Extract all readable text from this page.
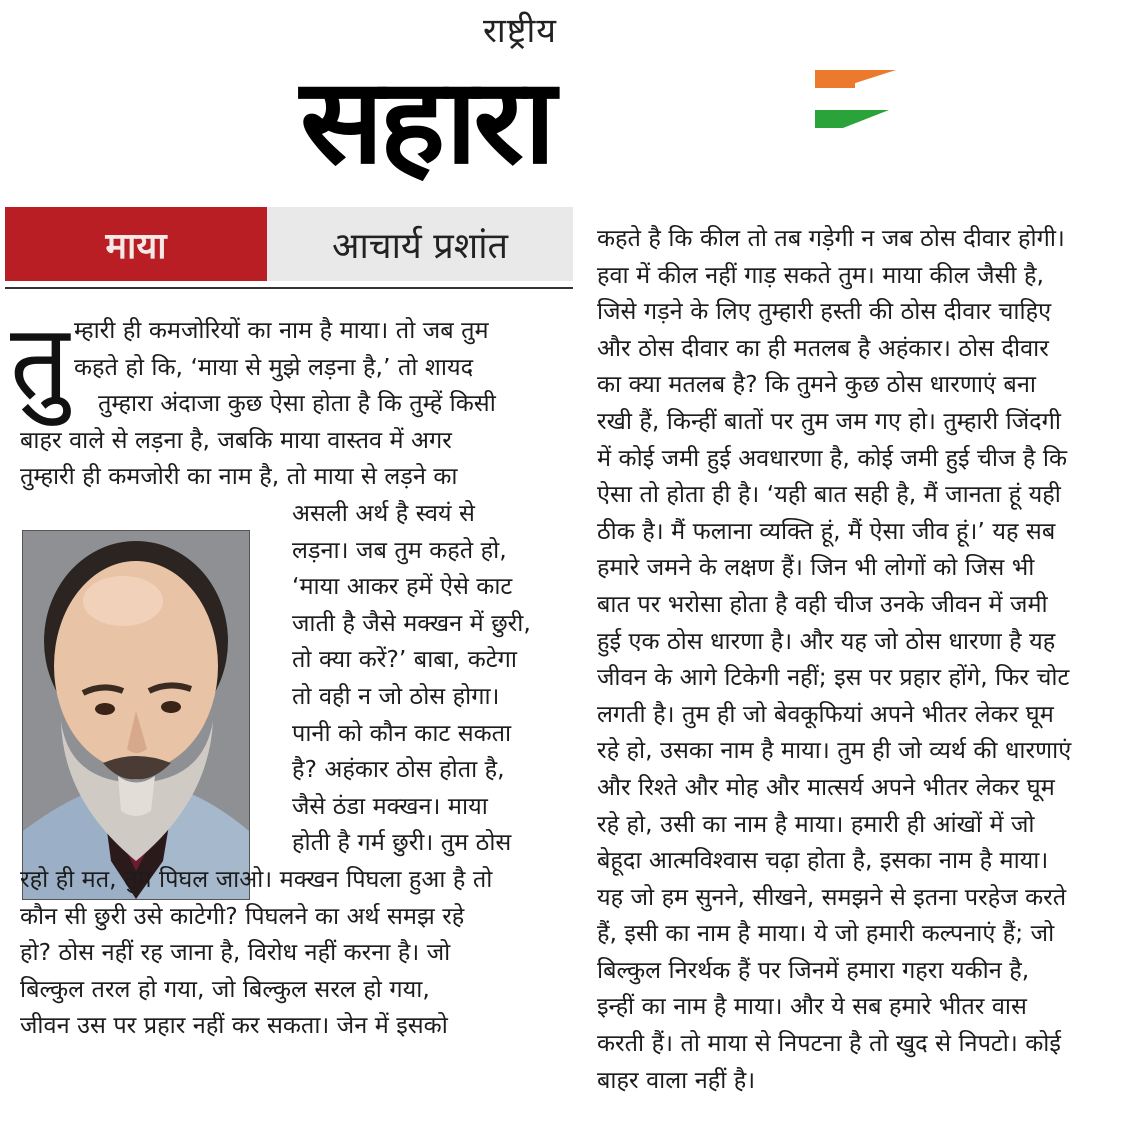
राष्ट्रीय
सहारा
माया	आचार्य प्रशांत
तु म्हारी ही कमजोरियों का नाम है माया। तो जब तुम
कहते हो कि, ‘माया से मुझे लड़ना है,’ तो शायद
तुम्हारा अंदाजा कुछ ऐसा होता है कि तुम्हें किसी
बाहर वाले से लड़ना है, जबकि माया वास्तव में अगर
तुम्हारी ही कमजोरी का नाम है, तो माया से लड़ने का
असली अर्थ है स्वयं से
लड़ना। जब तुम कहते हो,
‘माया आकर हमें ऐसे काट
जाती है जैसे मक्खन में छुरी,
तो क्या करें?’ बाबा, कटेगा
तो वही न जो ठोस होगा।
पानी को कौन काट सकता
है? अहंकार ठोस होता है,
जैसे ठंडा मक्खन। माया
होती है गर्म छुरी। तुम ठोस
रहो ही मत, तुम पिघल जाओ। मक्खन पिघला हुआ है तो
कौन सी छुरी उसे काटेगी? पिघलने का अर्थ समझ रहे
हो? ठोस नहीं रह जाना है, विरोध नहीं करना है। जो
बिल्कुल तरल हो गया, जो बिल्कुल सरल हो गया,
जीवन उस पर प्रहार नहीं कर सकता। जेन में इसको
कहते है कि कील तो तब गड़ेगी न जब ठोस दीवार होगी।
हवा में कील नहीं गाड़ सकते तुम। माया कील जैसी है,
जिसे गड़ने के लिए तुम्हारी हस्ती की ठोस दीवार चाहिए
और ठोस दीवार का ही मतलब है अहंकार। ठोस दीवार
का क्या मतलब है? कि तुमने कुछ ठोस धारणाएं बना
रखी हैं, किन्हीं बातों पर तुम जम गए हो। तुम्हारी जिंदगी
में कोई जमी हुई अवधारणा है, कोई जमी हुई चीज है कि
ऐसा तो होता ही है। ‘यही बात सही है, मैं जानता हूं यही
ठीक है। मैं फलाना व्यक्ति हूं, मैं ऐसा जीव हूं।’ यह सब
हमारे जमने के लक्षण हैं। जिन भी लोगों को जिस भी
बात पर भरोसा होता है वही चीज उनके जीवन में जमी
हुई एक ठोस धारणा है। और यह जो ठोस धारणा है यह
जीवन के आगे टिकेगी नहीं; इस पर प्रहार होंगे, फिर चोट
लगती है। तुम ही जो बेवकूफियां अपने भीतर लेकर घूम
रहे हो, उसका नाम है माया। तुम ही जो व्यर्थ की धारणाएं
और रिश्ते और मोह और मात्सर्य अपने भीतर लेकर घूम
रहे हो, उसी का नाम है माया। हमारी ही आंखों में जो
बेहूदा आत्मविश्वास चढ़ा होता है, इसका नाम है माया।
यह जो हम सुनने, सीखने, समझने से इतना परहेज करते
हैं, इसी का नाम है माया। ये जो हमारी कल्पनाएं हैं; जो
बिल्कुल निरर्थक हैं पर जिनमें हमारा गहरा यकीन है,
इन्हीं का नाम है माया। और ये सब हमारे भीतर वास
करती हैं। तो माया से निपटना है तो खुद से निपटो। कोई
बाहर वाला नहीं है।
